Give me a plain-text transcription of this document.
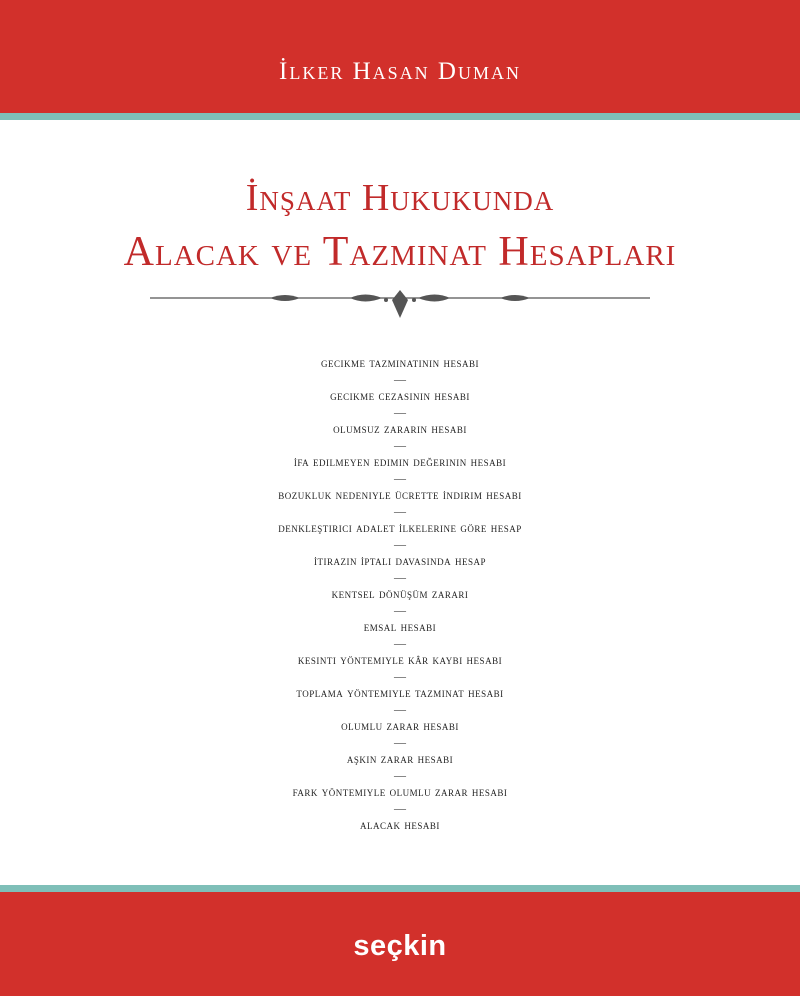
İlker Hasan Duman
İnşaat Hukukunda
Alacak ve Tazminat Hesapları
gecikme tazminatının hesabı
—
gecikme cezasının hesabı
—
olumsuz zararın hesabı
—
i̇fa edilmeyen edimin değerinin hesabı
—
bozukluk nedeniyle ücrette i̇ndirim hesabı
—
denkleştirici adalet i̇lkelerine göre hesap
—
i̇tirazın i̇ptali davasında hesap
—
kentsel dönüşüm zararı
—
emsal hesabı
—
kesinti yöntemiyle kâr kaybı hesabı
—
toplama yöntemiyle tazminat hesabı
—
olumlu zarar hesabı
—
aşkın zarar hesabı
—
fark yöntemiyle olumlu zarar hesabı
—
alacak hesabı
seçkin
